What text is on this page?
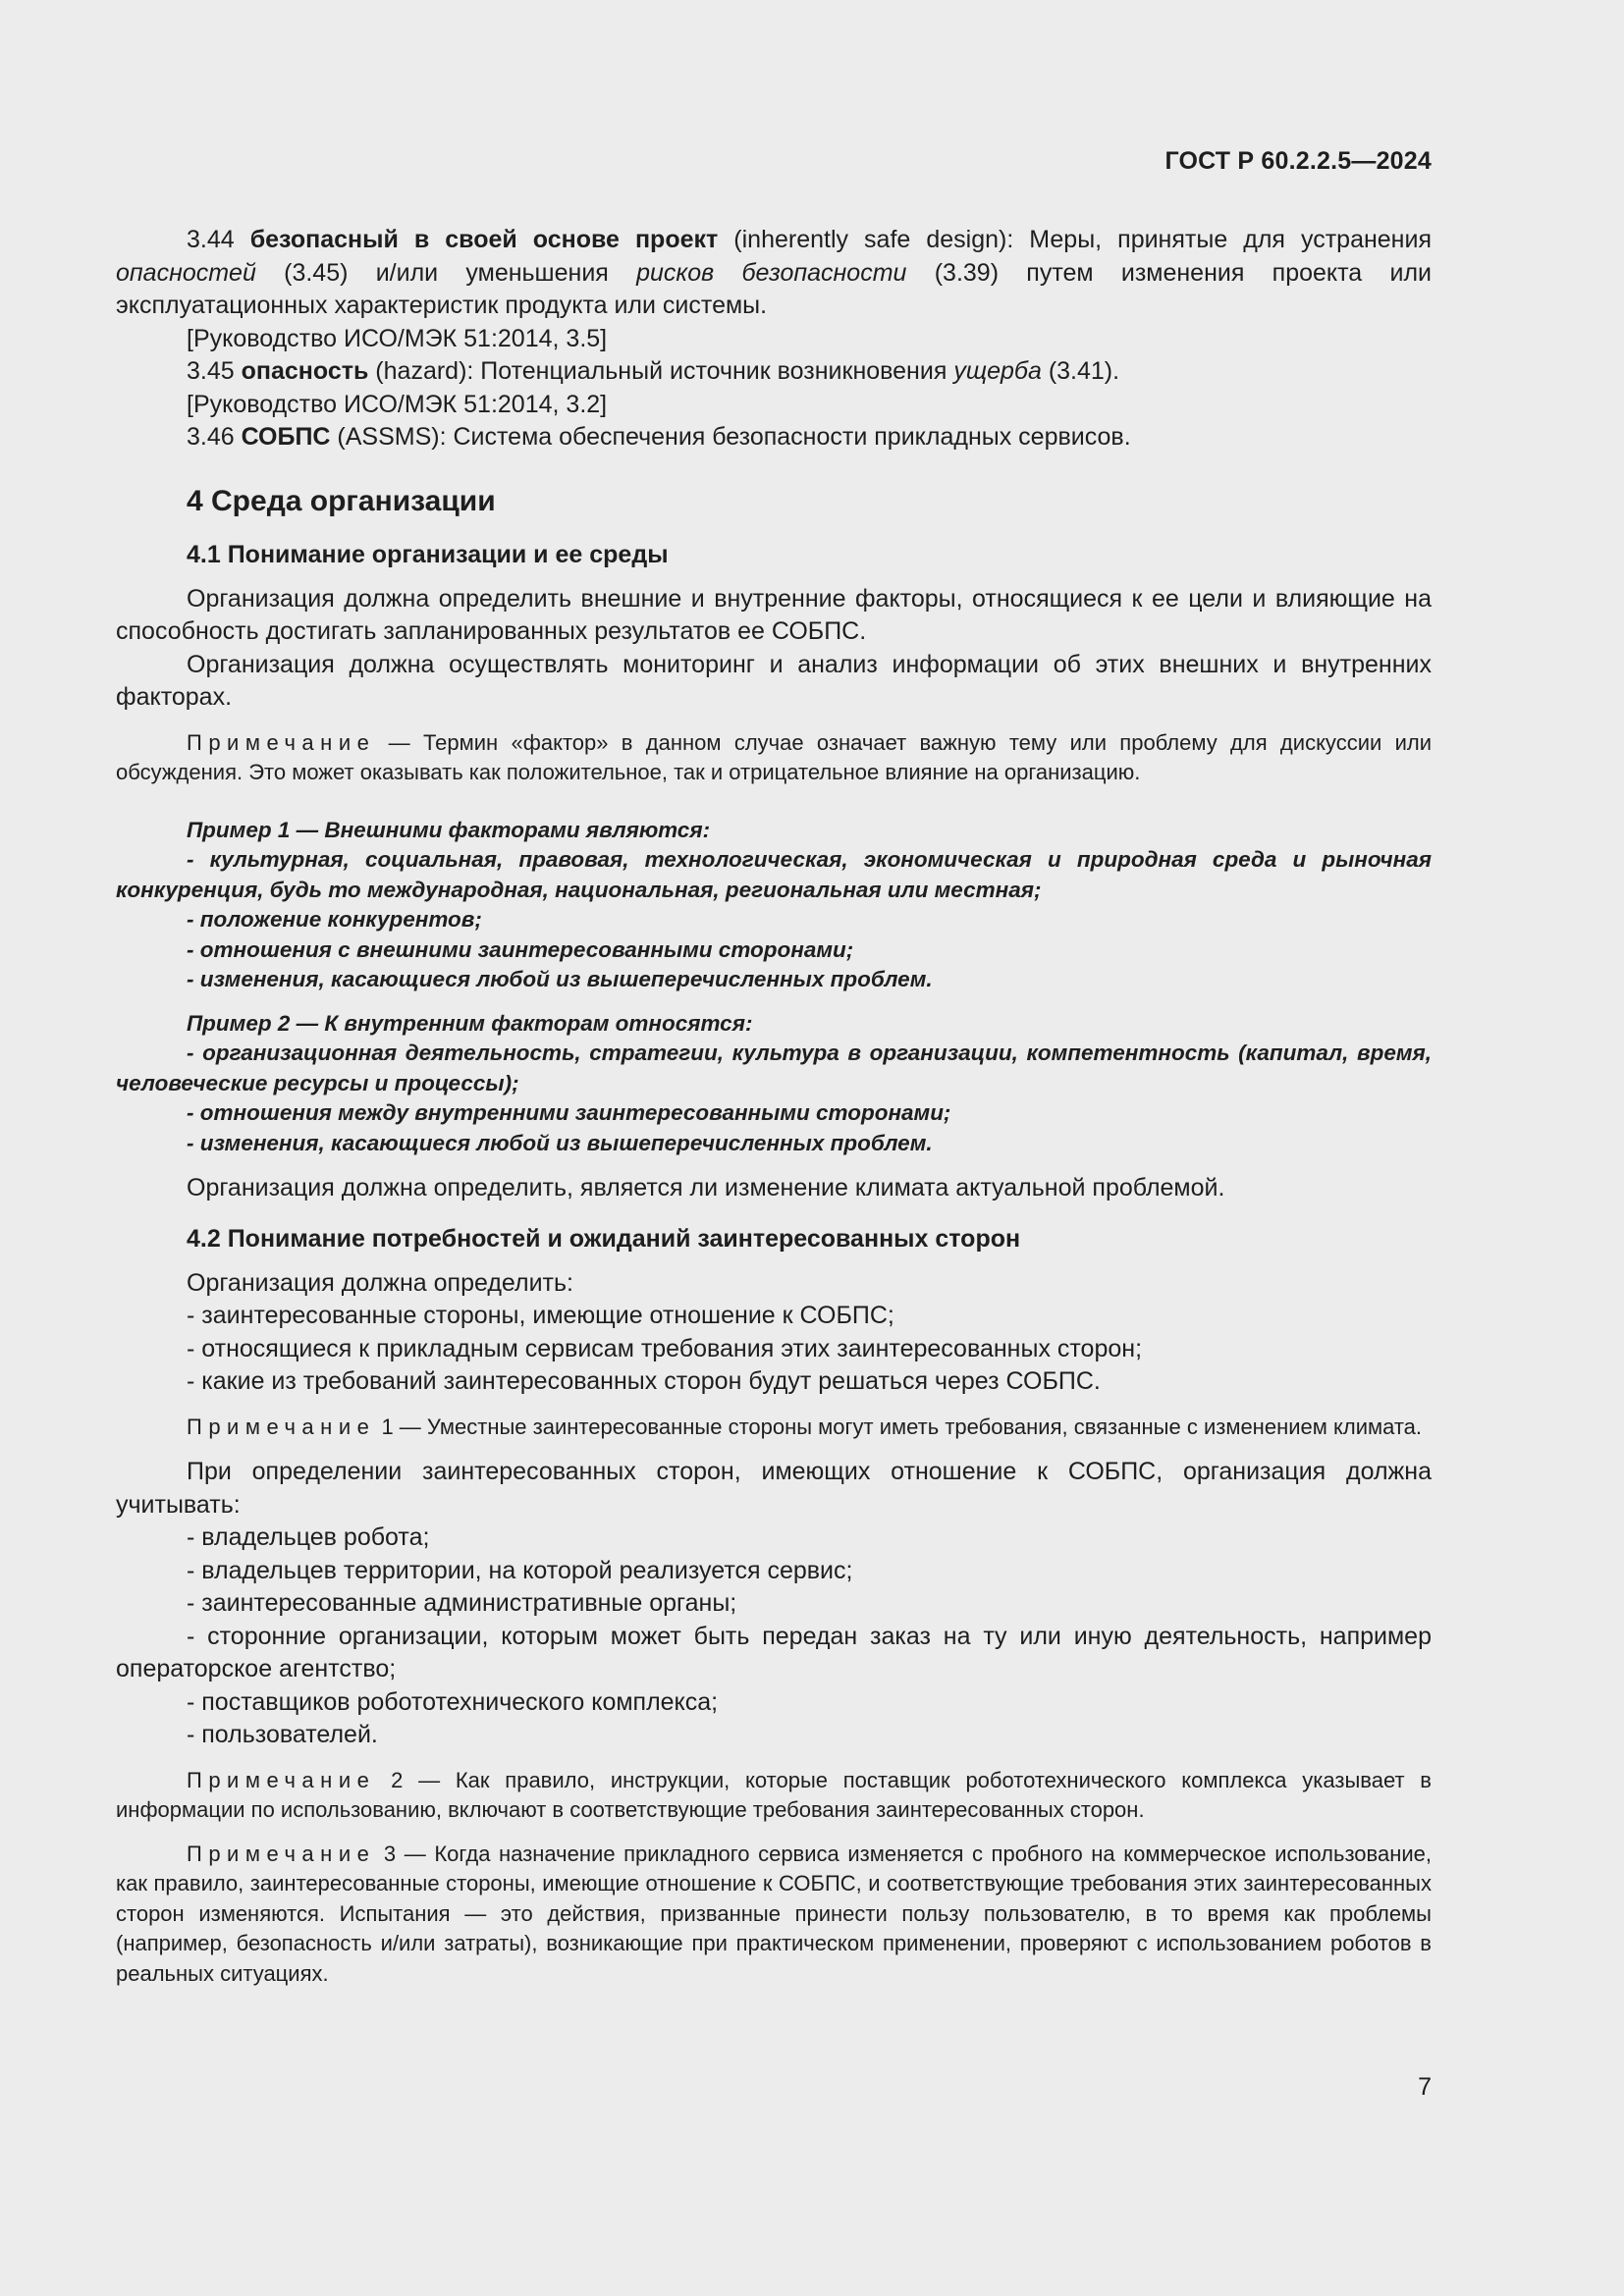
ГОСТ Р 60.2.2.5—2024

3.44 безопасный в своей основе проект (inherently safe design): Меры, принятые для устранения опасностей (3.45) и/или уменьшения рисков безопасности (3.39) путем изменения проекта или эксплуатационных характеристик продукта или системы.

[Руководство ИСО/МЭК 51:2014, 3.5]

3.45 опасность (hazard): Потенциальный источник возникновения ущерба (3.41).

[Руководство ИСО/МЭК 51:2014, 3.2]

3.46 СОБПС (ASSMS): Система обеспечения безопасности прикладных сервисов.

4 Среда организации
4.1 Понимание организации и ее среды

Организация должна определить внешние и внутренние факторы, относящиеся к ее цели и влияющие на способность достигать запланированных результатов ее СОБПС.

Организация должна осуществлять мониторинг и анализ информации об этих внешних и внутренних факторах.

Примечание — Термин «фактор» в данном случае означает важную тему или проблему для дискуссии или обсуждения. Это может оказывать как положительное, так и отрицательное влияние на организацию.

Пример 1 — Внешними факторами являются:

- культурная, социальная, правовая, технологическая, экономическая и природная среда и рыночная конкуренция, будь то международная, национальная, региональная или местная;

- положение конкурентов;

- отношения с внешними заинтересованными сторонами;

- изменения, касающиеся любой из вышеперечисленных проблем.

Пример 2 — К внутренним факторам относятся:

- организационная деятельность, стратегии, культура в организации, компетентность (капитал, время, человеческие ресурсы и процессы);

- отношения между внутренними заинтересованными сторонами;

- изменения, касающиеся любой из вышеперечисленных проблем.

Организация должна определить, является ли изменение климата актуальной проблемой.

4.2 Понимание потребностей и ожиданий заинтересованных сторон

Организация должна определить:

- заинтересованные стороны, имеющие отношение к СОБПС;

- относящиеся к прикладным сервисам требования этих заинтересованных сторон;

- какие из требований заинтересованных сторон будут решаться через СОБПС.

Примечание 1 — Уместные заинтересованные стороны могут иметь требования, связанные с изменением климата.

При определении заинтересованных сторон, имеющих отношение к СОБПС, организация должна учитывать:

- владельцев робота;

- владельцев территории, на которой реализуется сервис;

- заинтересованные административные органы;

- сторонние организации, которым может быть передан заказ на ту или иную деятельность, например операторское агентство;

- поставщиков робототехнического комплекса;

- пользователей.

Примечание 2 — Как правило, инструкции, которые поставщик робототехнического комплекса указывает в информации по использованию, включают в соответствующие требования заинтересованных сторон.

Примечание 3 — Когда назначение прикладного сервиса изменяется с пробного на коммерческое использование, как правило, заинтересованные стороны, имеющие отношение к СОБПС, и соответствующие требования этих заинтересованных сторон изменяются. Испытания — это действия, призванные принести пользу пользователю, в то время как проблемы (например, безопасность и/или затраты), возникающие при практическом применении, проверяют с использованием роботов в реальных ситуациях.

7
